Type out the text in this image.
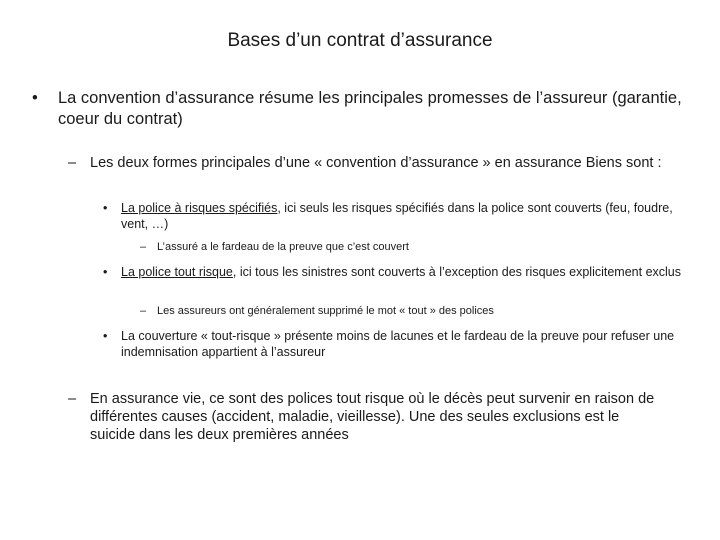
Bases d’un contrat d’assurance
• La convention d’assurance résume les principales promesses de l’assureur (garantie, coeur du contrat)
– Les deux formes principales d’une « convention d’assurance » en assurance Biens sont :
• La police à risques spécifiés, ici seuls les risques spécifiés dans la police sont couverts (feu, foudre, vent, …)
– L’assuré a le fardeau de la preuve que c’est couvert
• La police tout risque, ici tous les sinistres sont couverts à l’exception des risques explicitement exclus
– Les assureurs ont généralement supprimé le mot « tout » des polices
• La couverture « tout-risque » présente moins de lacunes et le fardeau de la preuve pour refuser une indemnisation appartient à l’assureur
– En assurance vie, ce sont des polices tout risque où le décès peut survenir en raison de différentes causes (accident, maladie, vieillesse). Une des seules exclusions est le suicide dans les deux premières années
